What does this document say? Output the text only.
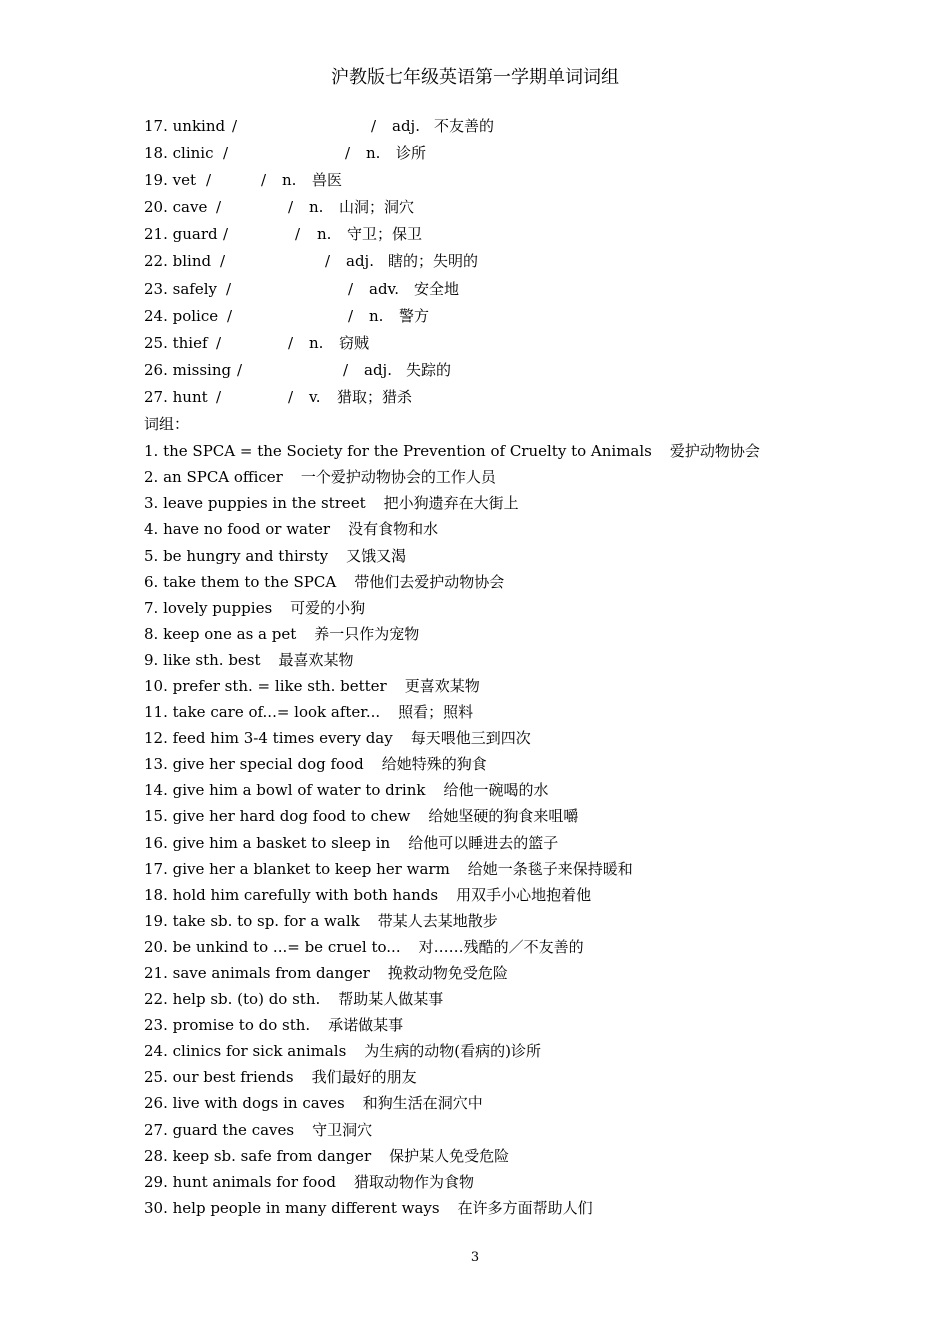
沪教版七年级英语第一学期单词词组
17. unkind /	/ adj. 不友善的
18. clinic /	/ n. 诊所
19. vet /	/ n. 兽医
20. cave /	/ n. 山洞；洞穴
21. guard /	/ n. 守卫；保卫
22. blind /	/ adj. 瞎的；失明的
23. safely /	/ adv. 安全地
24. police /	/ n. 警方
25. thief /	/ n. 窃贼
26. missing /	/ adj. 失踪的
27. hunt /	/ v. 猎取；猎杀
词组：
1. the SPCA = the Society for the Prevention of Cruelty to Animals 爱护动物协会
2. an SPCA officer 一个爱护动物协会的工作人员
3. leave puppies in the street 把小狗遗弃在大街上
4. have no food or water 没有食物和水
5. be hungry and thirsty 又饿又渴
6. take them to the SPCA 带他们去爱护动物协会
7. lovely puppies 可爱的小狗
8. keep one as a pet 养一只作为宠物
9. like sth. best 最喜欢某物
10. prefer sth. = like sth. better 更喜欢某物
11. take care of...= look after... 照看；照料
12. feed him 3-4 times every day 每天喂他三到四次
13. give her special dog food 给她特殊的狗食
14. give him a bowl of water to drink 给他一碗喝的水
15. give her hard dog food to chew 给她坚硬的狗食来咀嚼
16. give him a basket to sleep in 给他可以睡进去的篮子
17. give her a blanket to keep her warm 给她一条毯子来保持暖和
18. hold him carefully with both hands 用双手小心地抱着他
19. take sb. to sp. for a walk 带某人去某地散步
20. be unkind to ...= be cruel to... 对……残酷的／不友善的
21. save animals from danger 挽救动物免受危险
22. help sb. (to) do sth. 帮助某人做某事
23. promise to do sth. 承诺做某事
24. clinics for sick animals 为生病的动物(看病的)诊所
25. our best friends 我们最好的朋友
26. live with dogs in caves 和狗生活在洞穴中
27. guard the caves 守卫洞穴
28. keep sb. safe from danger 保护某人免受危险
29. hunt animals for food 猎取动物作为食物
30. help people in many different ways 在许多方面帮助人们
3
